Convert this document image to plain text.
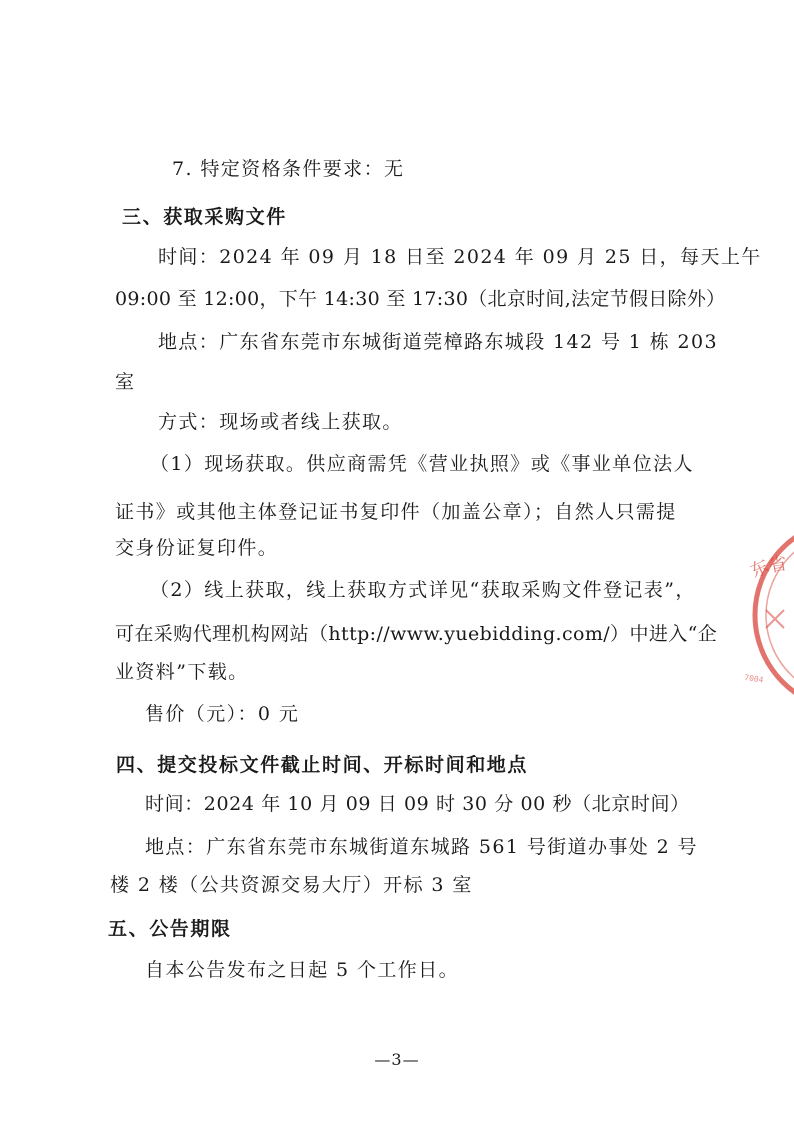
7. 特定资格条件要求：无
三、获取采购文件
时间：2024 年 09 月 18 日至 2024 年 09 月 25 日，每天上午
09:00 至 12:00，下午 14:30 至 17:30（北京时间,法定节假日除外）
地点：广东省东莞市东城街道莞樟路东城段 142 号 1 栋 203
室
方式：现场或者线上获取。
（1）现场获取。供应商需凭《营业执照》或《事业单位法人
证书》或其他主体登记证书复印件（加盖公章）；自然人只需提
交身份证复印件。
（2）线上获取，线上获取方式详见“获取采购文件登记表”，
可在采购代理机构网站（http://www.yuebidding.com/）中进入“企
业资料”下载。
售价（元）：0 元
四、提交投标文件截止时间、开标时间和地点
时间：2024 年 10 月 09 日 09 时 30 分 00 秒（北京时间）
地点：广东省东莞市东城街道东城路 561 号街道办事处 2 号
楼 2 楼（公共资源交易大厅）开标 3 室
五、公告期限
自本公告发布之日起 5 个工作日。
—3—
东
省
7004
